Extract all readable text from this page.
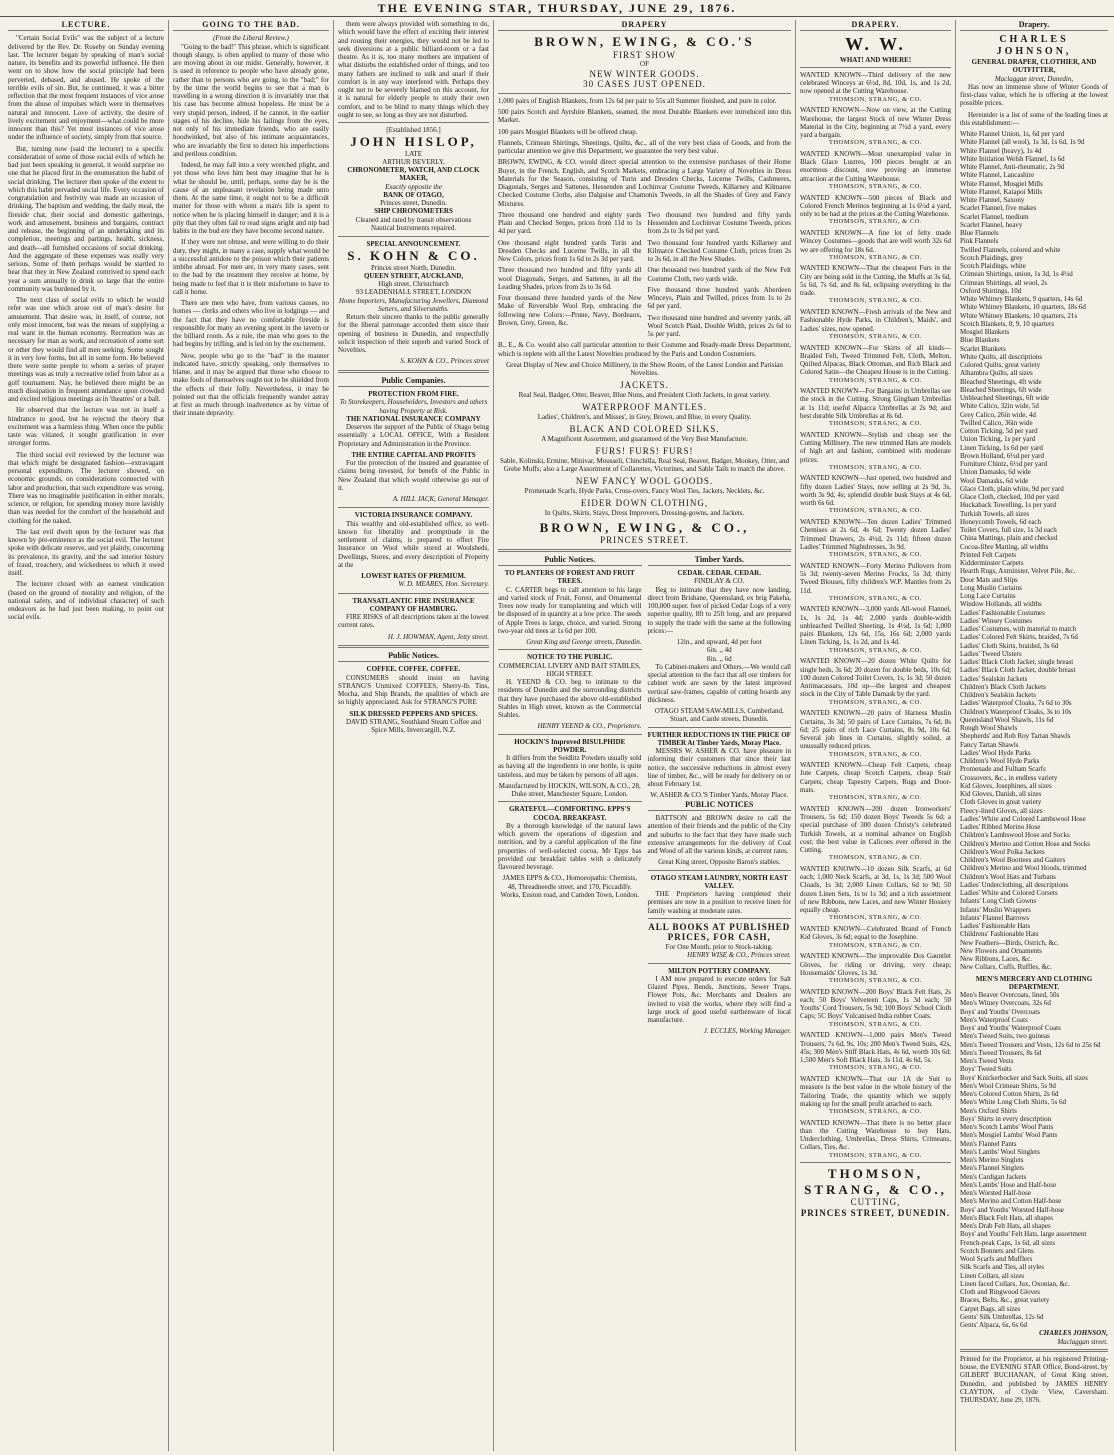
THE EVENING STAR, THURSDAY, JUNE 29, 1876.
LECTURE.

"Certain Social Evils" was the subject of a lecture delivered by the Rev. Dr. Roseby on Sunday evening last. The lecturer began by speaking of man's social nature, its benefits and its powerful influence. He then went on to show how the social principle had been perverted, debased, and abused. He spoke of the terrible evils of sin. But, he continued, it was a bitter reflection that the most frequent instances of vice arose from the abuse of impulses which were in themselves natural and innocent. Love of activity, the desire of lively excitement and enjoyment—what could be more innocent than this? Yet most instances of vice arose under the influence of society, simply from that source.

But, turning now (said the lecturer) to a specific consideration of some of those social evils of which he had just been speaking in general, it would surprise no one that he placed first in the enumeration the habit of social drinking. The lecturer then spoke of the extent to which this habit pervaded social life. Every occasion of congratulation and festivity was made an occasion of drinking. The baptism and wedding, the daily meal, the fireside chat, their social and domestic gatherings, work and amusement, business and bargains, contract and release, the beginning of an undertaking and its completion, meetings and partings, health, sickness, and death—all furnished occasions of social drinking. And the aggregate of these expenses was really very serious. Some of them perhaps would be startled to hear that they in New Zealand contrived to spend each year a sum annually in drink so large that the entire community was burdened by it.

The next class of social evils to which he would refer was one which arose out of man's desire for amusement. That desire was, in itself, of course, not only most innocent, but was the means of supplying a real want in the human economy. Recreation was as necessary for man as work, and recreation of some sort or other they would find all men seeking. Some sought it in very low forms, but all in some form. He believed there were some people to whom a series of prayer meetings was as truly a recreative relief from labor as a golf tournament. Nay, he believed there might be as much dissipation in frequent attendance upon crowded and excited religious meetings as in 'theatres' or a ball.

He observed that the lecture was not in itself a hindrance to good, but he rejected the theory that excitement was a harmless thing. When once the public taste was vitiated, it sought gratification in ever stronger forms.

The third social evil reviewed by the lecturer was that which might be designated fashion—extravagant personal expenditure. The lecturer showed, on economic grounds, on considerations connected with labor and production, that such expenditure was wrong. There was no imaginable justification in either morals, science, or religion, for spending money more lavishly than was needed for the comfort of the household and clothing for the naked.

The last evil dwelt upon by the lecturer was that known by pre-eminence as the social evil. The lecturer spoke with delicate reserve, and yet plainly, concerning its prevalence, its gravity, and the sad interior history of fraud, treachery, and wickedness to which it owed itself.

The lecturer closed with an earnest vindication (based on the ground of morality and religion, of the national safety, and of individual character) of such endeavors as he had just been making, to point out social evils.

GOING TO THE BAD.
(From the Liberal Review.)

"Going to the bad!" This phrase, which is significant though slangy, is often applied to many of those who are moving about in our midst. Generally, however, it is used in reference to people who have already gone, rather than to persons who are going, to the "bad;" for by the time the world begins to see that a man is travelling in a wrong direction it is invariably true that his case has become almost hopeless. He must be a very stupid person, indeed, if he cannot, in the earlier stages of his decline, hide his failings from the eyes, not only of his immediate friends, who are easily hoodwinked, but also of his intimate acquaintances, who are invariably the first to detect his imperfections and perilous condition.

Indeed, he may fall into a very wretched plight, and yet those who love him best may imagine that he is what he should be, until, perhaps, some day he is the cause of an unpleasant revelation being made unto them. At the same time, it ought not to be a difficult matter for those with whom a man's life is spent to notice when he is placing himself in danger; and it is a pity that they often fail to read signs aright and nip bad habits in the bud ere they have become second nature.

If they were not obtuse, and were willing to do their duty, they might, in many a case, supply what would be a successful antidote to the poison which their patients imbibe abroad. For men are, in very many cases, sent to the bad by the treatment they receive at home, by being made to feel that it is their misfortune to have to call it home.

There are men who have, from various causes, no homes — clerks and others who live in lodgings — and the fact that they have no comfortable fireside is responsible for many an evening spent in the tavern or the billiard room. As a rule, the man who goes to the bad begins by trifling, and is led on by the excitement.

Now, people who go to the "bad" in the manner indicated have, strictly speaking, only themselves to blame, and it may be argued that those who choose to make fools of themselves ought not to be shielded from the effects of their folly. Nevertheless, it may be pointed out that the officials frequently wander astray at first as much through inadvertence as by virtue of their innate depravity.

them were always provided with something to do, which would have the effect of exciting their interest and rousing their energies, they would not be led to seek diversions at a public billiard-room or a fast theatre. As it is, too many mothers are impatient of what disturbs the established order of things, and too many fathers are inclined to sulk and snarl if their comfort is in any way interfered with. Perhaps they ought not to be severely blamed on this account, for it is natural for elderly people to study their own comfort, and to be blind to many things which they ought to see, so long as they are not disturbed.

[Established 1856.]
JOHN HISLOP,
LATE
ARTHUR BEVERLY,
CHRONOMETER, WATCH, AND CLOCK MAKER,
Exactly opposite the
BANK OF OTAGO,
Princes street, Dunedin.
SHIP CHRONOMETERS
Cleaned and rated by transit observations
Nautical Instruments repaired.
SPECIAL ANNOUNCEMENT.
S. KOHN & CO.
Princes street North, Dunedin.
QUEEN STREET, AUCKLAND,
High street, Christchurch
93 LEADENHALL STREET, LONDON
Home Importers, Manufacturing Jewellers, Diamond Setters, and Silversmiths.

Return their sincere thanks to the public generally for the liberal patronage accorded them since their opening of business in Dunedin, and respectfully solicit inspection of their superb and varied Stock of Novelties.

S. KOHN & CO., Princes street
Public Companies.
PROTECTION FROM FIRE.
To Storekeepers, Householders, Investors and others having Property at Risk.
THE NATIONAL INSURANCE COMPANY

Deserves the support of the Public of Otago being essentially a LOCAL OFFICE, With a Resident Proprietary and Administration in the Province.

THE ENTIRE CAPITAL AND PROFITS

For the protection of the insured and guarantee of claims being invested, for benefit of the Public in New Zealand that which would otherwise go out of it.

A. HILL JACK, General Manager.
VICTORIA INSURANCE COMPANY.

This wealthy and old-established office, so well-known for liberality and promptitude in the settlement of claims, is prepared to effect Fire Insurance on Wool while stored at Woolsheds, Dwellings, Stores, and every description of Property at the

LOWEST RATES OF PREMIUM.
W. D. MEARES, Hon. Secretary.
TRANSATLANTIC FIRE INSURANCE COMPANY OF HAMBURG.

FIRE RISKS of all descriptions taken at the lowest current rates.

H. J. HOWMAN, Agent, Jetty street.
Public Notices.
COFFEE. COFFEE. COFFEE.

CONSUMERS should insist on having STRANG'S Unmixed COFFEES, Sherry-lb. Tins, Mocha, and Ship Brands, the qualities of which are so highly appreciated. Ask for STRANG'S PURE

SILK DRESSED PEPPERS AND SPICES.
DAVID STRANG, Southland Steam Coffee and Spice Mills, Invercargill, N.Z.
DRAPERY
BROWN, EWING, & CO.'S
FIRST SHOW
OF
NEW WINTER GOODS.
30 CASES JUST OPENED.

1,000 pairs of English Blankets, from 12s 6d per pair to 55s all Summer finished, and pure in color.

500 pairs Scotch and Ayrshire Blankets, seamed, the most Durable Blankets ever introduced into this Market.

100 pairs Mosgiel Blankets will be offered cheap.

Flannels, Crimean Shirtings, Sheetings, Quilts, &c., all of the very best class of Goods, and from the particular attention we give this Department, we guarantee the very best value.

BROWN, EWING, & CO. would direct special attention to the extensive purchases of their Home Buyer, in the French, English, and Scotch Markets, embracing a Large Variety of Novelties in Dress Materials for the Season, consisting of Turin and Dresden Checks, Lucerne Twills, Cashmeres, Diagonals, Serges and Sattenes, Hessenden and Lochinvar Costume Tweeds, Killarney and Kilmaree Checked Costume Cloths, also Dalguise and Chamonix Tweeds, in all the Shades of Grey and Fancy Mixtures.

Three thousand one hundred and eighty yards Plain and Checked Serges, prices from 11d to 1s 4d per yard.

One thousand eight hundred yards Turin and Dresden Checks and Lucerne Twills, in all the New Colors, prices from 1s 6d to 2s 3d per yard.

Three thousand two hundred and fifty yards all wool Diagonals, Serges, and Sattenes, in all the Leading Shades, prices from 2s to 3s 6d.

Four thousand three hundred yards of the New Make of Reversible Wool Rep, embracing the following new Colors:—Prune, Navy, Bordeaux, Brown, Grey, Green, &c.

Two thousand two hundred and fifty yards Hessenden and Lochinvar Costume Tweeds, prices from 2s to 3s 6d per yard.

Two thousand four hundred yards Killarney and Kilmarce Checked Costume Cloth, prices from 2s to 3s 6d, in all the New Shades.

One thousand two hundred yards of the New Felt Costume Cloth, two yards wide.

Five thousand three hundred yards Aberdeen Winceys, Plain and Twilled, prices from 1s to 2s 6d per yard.

Two thousand nine hundred and seventy yards, all Wool Scotch Plaid, Double Width, prices 2s 6d to 5s per yard.

B., E., & Co. would also call particular attention to their Costume and Ready-made Dress Department, which is replete with all the Latest Novelties produced by the Paris and London Costumiers.

Great Display of New and Choice Millinery, in the Show Room, of the Latest London and Parisian Novelties.

JACKETS.

Real Seal, Badger, Otter, Beaver, Blue Nuns, and President Cloth Jackets, in great variety.

WATERPROOF MANTLES.

Ladies', Children's, and Misses', in Grey, Brown, and Blue, in every Quality.

BLACK AND COLORED SILKS.

A Magnificent Assortment, and guaranteed of the Very Best Manufacture.

FURS! FURS! FURS!

Sable, Kolinski, Ermine, Minivar, Mousseli, Chinchilla, Real Seal, Beaver, Badger, Monkey, Otter, and Grebe Muffs; also a Large Assortment of Collarettes, Victorines, and Sable Tails to match the above.

NEW FANCY WOOL GOODS.

Promenade Scarfs, Hyde Parks, Cross-overs, Fancy Wool Ties, Jackets, Necklets, &c.

EIDER DOWN CLOTHING,

In Quilts, Skirts, Stays, Dress Improvers, Dressing-gowns, and Jackets.

BROWN, EWING, & CO.,
PRINCES STREET.
Public Notices.
TO PLANTERS OF FOREST AND FRUIT TREES.

C. CARTER begs to call attention to his large and varied stock of Fruit, Forest, and Ornamental Trees now ready for transplanting and which will be disposed of in quantity at a low price. The seeds of Apple Trees is large, choice, and varied. Strong two-year old trees at 1s 6d per 100.

Great King and George streets, Dunedin.
NOTICE TO THE PUBLIC.
COMMERCIAL LIVERY AND BAIT STABLES, HIGH STREET.

H. YEEND & CO. beg to intimate to the residents of Dunedin and the surrounding districts that they have purchased the above old-established Stables in High street, known as the Commercial Stables.

HENRY YEEND & CO., Proprietors.
HOCKIN'S Improved BISULPHIDE POWDER.

It differs from the Seidlitz Powders usually sold as having all the ingredients in one bottle, is quite tasteless, and may be taken by persons of all ages.

Manufactured by HOCKIN, WILSON, & CO., 28, Duke street, Manchester Square, London.
GRATEFUL—COMFORTING. EPPS'S COCOA. BREAKFAST.

By a thorough knowledge of the natural laws which govern the operations of digestion and nutrition, and by a careful application of the fine properties of well-selected cocoa, Mr Epps has provided our breakfast tables with a delicately flavoured beverage.

JAMES EPPS & CO., Homoeopathic Chemists, 48, Threadneedle street, and 170, Piccadilly. Works, Euston road, and Camden Town, London.
Timber Yards.
CEDAR. CEDAR. CEDAR.
FINDLAY & CO.

Beg to intimate that they have now landing, direct from Brisbane, Queensland, ex brig Pakeha, 100,000 super. feet of picked Cedar Logs of a very superior quality, 8ft to 25ft long, and are prepared to supply the trade with the same at the following prices:—

12in., and upward, 4d per foot
6in. ,, 4d
8in. ,, 6d

To Cabinet-makers and Others.—We would call special attention to the fact that all our timbers for cabinet work are sawn by the latest improved vertical saw-frames, capable of cutting boards any thickness.

OTAGO STEAM SAW-MILLS, Cumberland, Stuart, and Castle streets, Dunedin.
FURTHER REDUCTIONS IN THE PRICE OF TIMBER At Timber Yards, Moray Place.

MESSRS W. ASHER & CO. have pleasure in informing their customers that since their last notice, the successive reductions in almost every line of timber, &c., will be ready for delivery on or about February 1st.

W. ASHER & CO.'S Timber Yards, Moray Place.
PUBLIC NOTICES

BATTSON and BROWN desire to call the attention of their friends and the public of the City and suburbs to the fact that they have made such extensive arrangements for the delivery of Coal and Wood of all the various kinds, at current rates.

Great King street, Opposite Baron's stables.
OTAGO STEAM LAUNDRY, NORTH EAST VALLEY.

THE Proprietors having completed their premises are now in a position to receive linen for family washing at moderate rates.

ALL BOOKS AT PUBLISHED PRICES, FOR CASH,
For One Month, prior to Stock-taking.
HENRY WISE & CO., Princes street.
MILTON POTTERY COMPANY.

I AM now prepared to execute orders for Salt Glazed Pipes, Bends, Junctions, Sewer Traps, Flower Pots, &c. Merchants and Dealers are invited to visit the works, where they will find a large stock of good useful earthenware of local manufacture.

J. ECCLES, Working Manager.
DRAPERY.
W. W.
WHAT! AND WHERE!
WANTED KNOWN—Third delivery of the new celebrated Winceys at 6½d, 8d, 10d, 1s, and 1s 2d, now opened at the Cutting Warehouse.
THOMSON, STRANG, & CO.
WANTED KNOWN—Now on view, at the Cutting Warehouse, the largest Stock of new Winter Dress Material in the City, beginning at 7½d a yard, every yard a bargain.
THOMSON, STRANG, & CO.
WANTED KNOWN—Most unexampled value in Black Glace Lustres, 100 pieces bought at an enormous discount, now proving an immense attraction at the Cutting Warehouse.
THOMSON, STRANG, & CO.
WANTED KNOWN—500 pieces of Black and Colored French Merinos beginning at 1s 6½d a yard, only to be had at the prices at the Cutting Warehouse.
THOMSON, STRANG, & CO.
WANTED KNOWN—A fine lot of felty made Wincey Costumes—goods that are well worth 32s 6d we are offering for 18s 6d.
THOMSON, STRANG, & CO.
WANTED KNOWN—That the cheapest Furs in the City are being sold in the Cutting, the Muffs at 3s 6d, 5s 6d, 7s 6d, and 8s 6d, eclipsing everything in the trade.
THOMSON, STRANG, & CO.
WANTED KNOWN—Fresh arrivals of the New and Fashionable Hyde Parks, in Children's, Maids', and Ladies' sizes, now opened.
THOMSON, STRANG, & CO.
WANTED KNOWN—For Skirts of all kinds—Braided Felt, Tweed Trimmed Felt, Cloth, Melton, Quilted Alpacas, Black Ottoman, and Rich Black and Colored Satin—the Cheapest House is in the Cutting.
THOMSON, STRANG, & CO.
WANTED KNOWN—For Bargains in Umbrellas see the stock in the Cutting. Strong Gingham Umbrellas at 1s 11d; useful Alpacca Umbrellas at 2s 9d; and best durable Silk Umbrellas at 8s 6d.
THOMSON, STRANG, & CO.
WANTED KNOWN—Stylish and cheap see the Cutting Millinery. The new trimmed Hats are models of high art and fashion, combined with moderate prices.
THOMSON, STRANG, & CO.
WANTED KNOWN—Just opened, two hundred and fifty dozen Ladies' Stays, now selling at 2s 9d, 3s, worth 3s 9d, 4s; splendid double busk Stays at 4s 6d, worth 6s 6d.
THOMSON, STRANG, & CO.
WANTED KNOWN—Ten dozen Ladies' Trimmed Chemises at 2s 6d, 4s 6d; Twenty dozen Ladies' Trimmed Drawers, 2s 4½d, 2s 11d; fifteen dozen Ladies' Trimmed Nightdresses, 3s 9d.
THOMSON, STRANG, & CO.
WANTED KNOWN—Forty Merino Pullovers from 5s 3d; twenty-seven Merino Frocks, 5s 3d; thirty Tweed Blouses, fifty children's W.P. Mantles from 2s 11d.
THOMSON, STRANG, & CO.
WANTED KNOWN—3,000 yards All-wool Flannel, 1s, 1s 2d, 1s 4d; 2,000 yards double-width unbleached Twilled Sheeting, 1s 4½d, 1s 6d; 1,000 pairs Blankets, 12s 6d, 15s, 16s 6d; 2,000 yards Linen Ticking, 1s, 1s 2d, and 1s 4d.
THOMSON, STRANG, & CO.
WANTED KNOWN—20 dozen White Quilts for single beds, 3s 6d; 20 dozen for double beds, 10s 6d; 100 dozen Colored Toilet Covers, 1s, 1s 3d; 50 dozen Antimacassars, 10d up—the largest and cheapest stock in the City of Table Damask by the yard.
THOMSON, STRANG, & CO.
WANTED KNOWN—20 pairs of Harness Muslin Curtains, 3s 3d; 50 pairs of Lace Curtains, 7s 6d, 8s 6d; 25 pairs of rich Lace Curtains, 8s 9d, 10s 6d. Several job lines in Curtains, slightly soiled, at unusually reduced prices.
THOMSON, STRANG, & CO.
WANTED KNOWN—Cheap Felt Carpets, cheap Jute Carpets, cheap Scotch Carpets, cheap Stair Carpets, cheap Tapestry Carpets, Rugs and Door-mats.
THOMSON, STRANG, & CO.
WANTED KNOWN—200 dozen Ironworkers' Trousers, 5s 6d; 150 dozen Boys' Tweeds 5s 6d; a special purchase of 300 dozen Christy's celebrated Turkish Towels, at a nominal advance on English cost; the best value in Calicoes ever offered in the Cutting.
THOMSON, STRANG, & CO.
WANTED KNOWN—10 dozen Silk Scarfs, at 6d each; 1,000 Neck Scarfs, at 3d, 1s, 1s 3d; 500 Wool Cloads, 1s 3d; 2,000 Linen Collars, 6d to 9d; 50 dozen Linen Sets, 1s to 1s 3d; and a rich assortment of new Ribbons, new Laces, and new Winter Hosiery equally cheap.
THOMSON, STRANG, & CO.
WANTED KNOWN—Celebrated Brand of French Kid Gloves, 3s 6d; equal to the Josephine.
THOMSON, STRANG, & CO.
WANTED KNOWN—The improvable Dos Gauntlet Gloves, for riding or driving, very cheap; Housemaids' Gloves, 1s 3d.
THOMSON, STRANG, & CO.
WANTED KNOWN—200 Boys' Black Felt Hats, 2s each; 50 Boys' Velveteen Caps, 1s 3d each; 50 Youths' Cord Trousers, 5s 9d; 100 Boys' School Cloth Caps; 5C Boys' Vulcanised India rubber Coats.
THOMSON, STRANG, & CO.
WANTED KNOWN—1,000 pairs Men's Tweed Trousers, 7s 6d, 9s, 10s; 200 Men's Tweed Suits, 42s, 45s; 300 Men's Stiff Black Hats, 4s 6d, worth 10s 6d; 1,500 Men's Soft Black Hats, 3s 11d, 4s 6d, 5s.
THOMSON, STRANG, & CO.
WANTED KNOWN—That our 1A de Suit to measure is the best value in the whole history of the Tailoring Trade, the quantity which we supply making up for the small profit attached to each.
THOMSON, STRANG, & CO.
WANTED KNOWN—That there is no better place than the Cutting Warehouse to buy Hats, Underclothing, Umbrellas, Dress Shirts, Crimeans, Collars, Ties, &c.
THOMSON, STRANG, & CO.
THOMSON, STRANG, & CO.,
CUTTING,
PRINCES STREET, DUNEDIN.
Drapery.
CHARLES JOHNSON,
GENERAL DRAPER, CLOTHIER, AND OUTFITTER,
Maclaggan street, Dunedin,

Has now an immense show of Winter Goods of first-class value, which he is offering at the lowest possible prices.

Hereunder is a list of some of the leading lines at this establishment:—

White Flannel Union, 1s, 6d per yard
White Flannel (all wool), 1s 3d, 1s 6d, 1s 9d
White Flannel (heavy), 1s 4d
White Initiation Welsh Flannel, 1s 6d
White Flannel, Anti-rheumatic, 2s 9d
White Flannel, Lancashire
White Flannel, Mosgiel Mills
White Flannel, Kaiapoi Mills
White Flannel, Saxony
Scarlet Flannel, five makes
Scarlet Flannel, medium
Scarlet Flannel, heavy
Blue Flannels
Pink Flannels
Twilled Flannels, colored and white
Scotch Plaidings, grey
Scotch Plaidings, white
Crimean Shirtings, union, 1s 3d, 1s 4½d
Crimean Shirtings, all wool, 2s
Oxford Shirtings, 10d
White Whitney Blankets, 9 quarters, 14s 6d
White Whitney Blankets, 10 quarters, 18s 6d
White Whitney Blankets, 10 quarters, 21s
Scotch Blankets, 8, 9, 10 quarters
Mosgiel Blankets
Blue Blankets
Scarlet Blankets
White Quilts, all descriptions
Colored Quilts, great variety
Alhambra Quilts, all sizes
Bleached Sheetings, 4ft wide
Bleached Sheetings, 6ft wide
Unbleached Sheetings, 6ft wide
White Calico, 32in wide, 5d
Grey Calico, 26in wide, 4d
Twilled Calico, 36in wide
Cotton Ticking, 5d per yard
Union Ticking, 1s per yard
Linen Ticking, 1s 6d per yard
Brown Holland, 6½d per yard
Furniture Chintz, 6½d per yard
Union Damasks, 6d wide
Wool Damasks, 6d wide
Glace Cloth, plain white, 9d per yard
Glace Cloth, checked, 10d per yard
Huckaback Towelling, 1s per yard
Turkish Towels, all sizes
Honeycomb Towels, 6d each
Toilet Covers, full size, 1s 3d each
China Mattings, plain and checked
Cocoa-fibre Matting, all widths
Printed Felt Carpets
Kidderminster Carpets
Hearth Rugs, Axminster, Velvet Pile, &c.
Door Mats and Slips
Long Muslin Curtains
Long Lace Curtains
Window Hollands, all widths
Ladies' Fashionable Costumes
Ladies' Winsey Costumes
Ladies' Costumes, with material to match
Ladies' Colored Felt Skirts, braided, 7s 6d
Ladies' Cloth Skirts, braided, 3s 6d
Ladies' Tweed Ulsters
Ladies' Black Cloth Jacket, single breast
Ladies' Black Cloth Jacket, double breast
Ladies' Sealskin Jackets
Children's Black Cloth Jackets
Children's Sealskin Jackets
Ladies' Waterproof Cloaks, 7s 6d to 30s
Children's Waterproof Cloaks, 3s to 10s
Queensland Wool Shawls, 11s 6d
Rough Wool Shawls
Shepherds' and Rob Roy Tartan Shawls
Fancy Tartan Shawls
Ladies' Wool Hyde Parks
Children's Wool Hyde Parks
Promenade and Fulham Scarfs
Crossovers, &c., in endless variety
Kid Gloves, Josephines, all sizes
Kid Gloves, Danish, all sizes
Cloth Gloves in great variety
Fleecy-lined Gloves, all sizes
Ladies' White and Colored Lambswool Hose
Ladies' Ribbed Merino Hose
Children's Lambswool Hose and Socks
Children's Merino and Cotton Hose and Socks
Children's Wool Polka Jackets
Children's Wool Boottees and Gaiters
Children's Merino and Wool Hoods, trimmed
Children's Wool Hats and Turbans
Ladies' Underclothing, all descriptions
Ladies' White and Colored Corsets
Infants' Long Cloth Gowns
Infants' Muslin Wrappers
Infants' Flannel Barrows
Ladies' Fashionable Hats
Childrens' Fashionable Hats
New Feathers—Birds, Ostrich, &c.
New Flowers and Ornaments
New Ribbons, Laces, &c.
New Collars, Cuffs, Ruffles, &c.
MEN'S MERCERY AND CLOTHING DEPARTMENT.
Men's Beaver Overcoats, lined, 50s
Men's Witney Overcoats, 32s 6d
Boys' and Youths' Overcoats
Men's Waterproof Coats
Boys' and Youths' Waterproof Coats
Men's Tweed Suits, two guineas
Men's Tweed Trousers and Vests, 12s 6d to 25s 6d
Men's Tweed Trousers, 8s 6d
Men's Tweed Vests
Boys' Tweed Suits
Boys' Knickerbocker and Sack Suits, all sizes
Men's Wool Crimean Shirts, 5s 9d
Men's Colored Cotton Shirts, 2s 6d
Men's White Long Cloth Shirts, 5s 6d
Men's Oxford Shirts
Boys' Shirts in every description
Men's Scotch Lambs' Wool Pants
Men's Mosgiel Lambs' Wool Pants
Men's Flannel Pants
Men's Lambs' Wool Singlets
Men's Merino Singlets
Men's Flannel Singlets
Men's Cardigan Jackets
Men's Lambs' Hose and Half-hose
Men's Worsted Half-hose
Men's Merino and Cotton Half-hose
Boys' and Youths' Worsted Half-hose
Men's Black Felt Hats, all shapes
Men's Drab Felt Hats, all shapes
Boys' and Youths' Felt Hats, large assortment
French-peak Caps, 1s 6d, all sizes
Scotch Bonnets and Glens
Wool Scarfs and Mufflers
Silk Scarfs and Ties, all styles
Linen Collars, all sizes
Linen faced Collars, Jux, Oxonian, &c.
Cloth and Ringwood Gloves
Braces, Belts, &c., great variety
Carpet Bags, all sizes
Gents' Silk Umbrellas, 12s 6d
Gents' Alpaca, 6s, 6s 6d
CHARLES JOHNSON,
Maclaggan street.

Printed for the Proprietor, at his registered Printing-house, the EVENING STAR Office, Bond-street, by GILBERT BUCHANAN, of Great King street, Dunedin, and published by JAMES HENRY CLAYTON, of Clyde View, Caversham. THURSDAY, June 29, 1876.
